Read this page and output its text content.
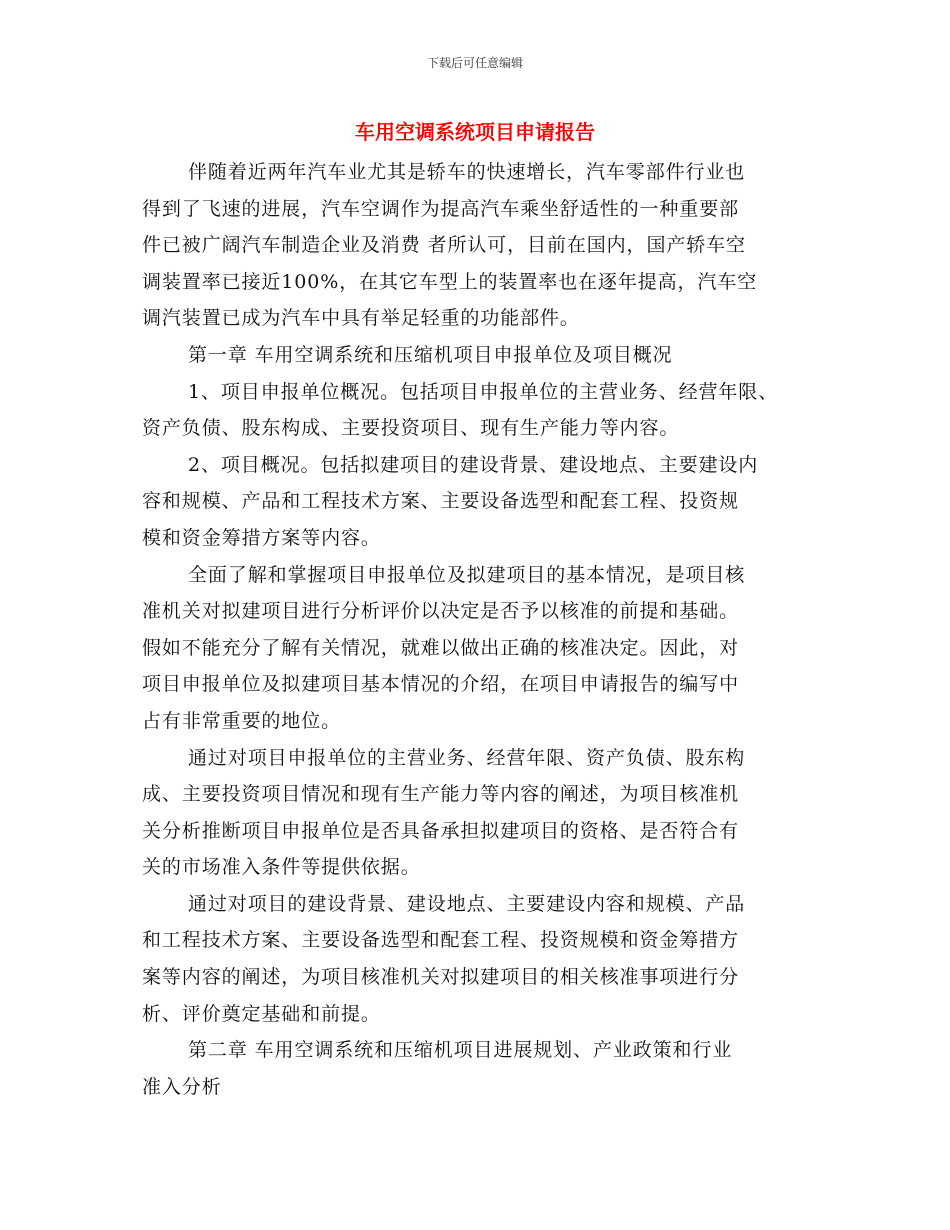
下载后可任意编辑
车用空调系统项目申请报告
伴随着近两年汽车业尤其是轿车的快速增长，汽车零部件行业也
得到了飞速的进展，汽车空调作为提高汽车乘坐舒适性的一种重要部
件已被广阔汽车制造企业及消费 者所认可，目前在国内，国产轿车空
调装置率已接近100%，在其它车型上的装置率也在逐年提高，汽车空
调汽装置已成为汽车中具有举足轻重的功能部件。
第一章 车用空调系统和压缩机项目申报单位及项目概况
1、项目申报单位概况。包括项目申报单位的主营业务、经营年限、
资产负债、股东构成、主要投资项目、现有生产能力等内容。
2、项目概况。包括拟建项目的建设背景、建设地点、主要建设内
容和规模、产品和工程技术方案、主要设备选型和配套工程、投资规
模和资金筹措方案等内容。
全面了解和掌握项目申报单位及拟建项目的基本情况，是项目核
准机关对拟建项目进行分析评价以决定是否予以核准的前提和基础。
假如不能充分了解有关情况，就难以做出正确的核准决定。因此，对
项目申报单位及拟建项目基本情况的介绍，在项目申请报告的编写中
占有非常重要的地位。
通过对项目申报单位的主营业务、经营年限、资产负债、股东构
成、主要投资项目情况和现有生产能力等内容的阐述，为项目核准机
关分析推断项目申报单位是否具备承担拟建项目的资格、是否符合有
关的市场准入条件等提供依据。
通过对项目的建设背景、建设地点、主要建设内容和规模、产品
和工程技术方案、主要设备选型和配套工程、投资规模和资金筹措方
案等内容的阐述，为项目核准机关对拟建项目的相关核准事项进行分
析、评价奠定基础和前提。
第二章 车用空调系统和压缩机项目进展规划、产业政策和行业
准入分析
